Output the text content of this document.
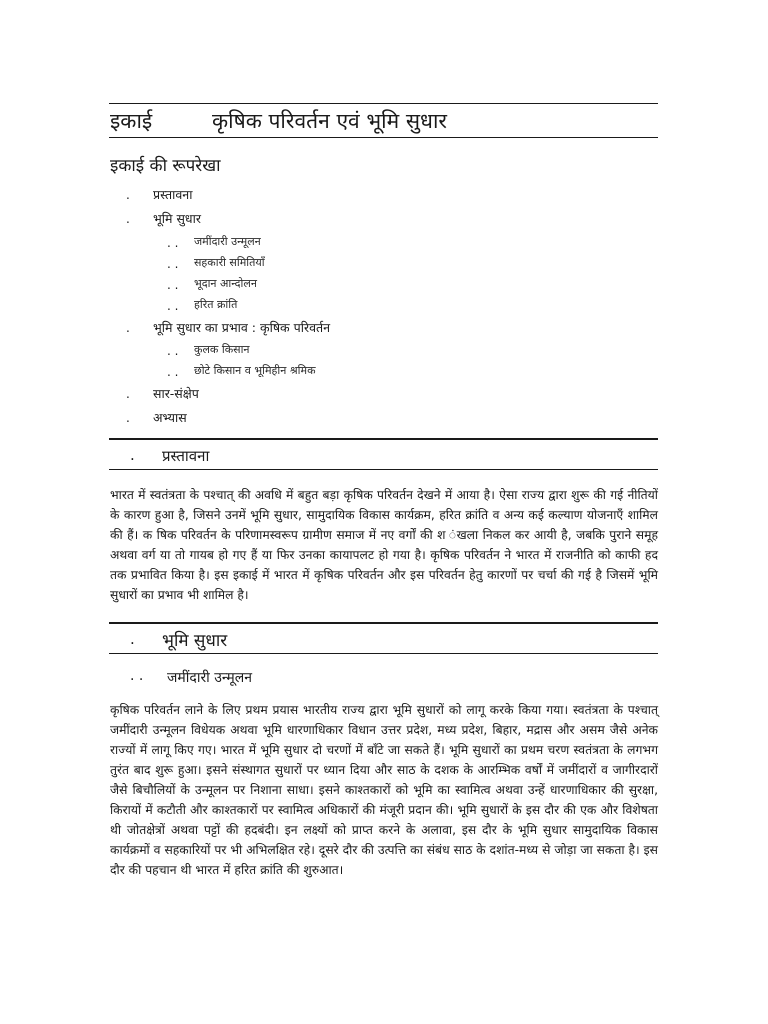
इकाई	कृषिक परिवर्तन एवं भूमि सुधार
इकाई की रूपरेखा
. प्रस्तावना
. भूमि सुधार
. . जमींदारी उन्मूलन
. . सहकारी समितियाँ
. . भूदान आन्दोलन
. . हरित क्रांति
. भूमि सुधार का प्रभाव : कृषिक परिवर्तन
. . कुलक किसान
. . छोटे किसान व भूमिहीन श्रमिक
. सार-संक्षेप
. अभ्यास
. प्रस्तावना
भारत में स्वतंत्रता के पश्चात् की अवधि में बहुत बड़ा कृषिक परिवर्तन देखने में आया है। ऐसा राज्य द्वारा शुरू की गई नीतियों के कारण हुआ है, जिसने उनमें भूमि सुधार, सामुदायिक विकास कार्यक्रम, हरित क्रांति व अन्य कई कल्याण योजनाएँ शामिल की हैं। क षिक परिवर्तन के परिणामस्वरूप ग्रामीण समाज में नए वर्गों की श ंखला निकल कर आयी है, जबकि पुराने समूह अथवा वर्ग या तो गायब हो गए हैं या फिर उनका कायापलट हो गया है। कृषिक परिवर्तन ने भारत में राजनीति को काफी हद तक प्रभावित किया है। इस इकाई में भारत में कृषिक परिवर्तन और इस परिवर्तन हेतु कारणों पर चर्चा की गई है जिसमें भूमि सुधारों का प्रभाव भी शामिल है।
. भूमि सुधार
. . जमींदारी उन्मूलन
कृषिक परिवर्तन लाने के लिए प्रथम प्रयास भारतीय राज्य द्वारा भूमि सुधारों को लागू करके किया गया। स्वतंत्रता के पश्चात् जमींदारी उन्मूलन विधेयक अथवा भूमि धारणाधिकार विधान उत्तर प्रदेश, मध्य प्रदेश, बिहार, मद्रास और असम जैसे अनेक राज्यों में लागू किए गए। भारत में भूमि सुधार दो चरणों में बाँटे जा सकते हैं। भूमि सुधारों का प्रथम चरण स्वतंत्रता के लगभग तुरंत बाद शुरू हुआ। इसने संस्थागत सुधारों पर ध्यान दिया और साठ के दशक के आरम्भिक वर्षों में जमींदारों व जागीरदारों जैसे बिचौलियों के उन्मूलन पर निशाना साधा। इसने काश्तकारों को भूमि का स्वामित्व अथवा उन्हें धारणाधिकार की सुरक्षा, किरायों में कटौती और काश्तकारों पर स्वामित्व अधिकारों की मंजूरी प्रदान की। भूमि सुधारों के इस दौर की एक और विशेषता थी जोतक्षेत्रों अथवा पट्टों की हदबंदी। इन लक्ष्यों को प्राप्त करने के अलावा, इस दौर के भूमि सुधार सामुदायिक विकास कार्यक्रमों व सहकारियों पर भी अभिलक्षित रहे। दूसरे दौर की उत्पत्ति का संबंध साठ के दशांत-मध्य से जोड़ा जा सकता है। इस दौर की पहचान थी भारत में हरित क्रांति की शुरुआत।
